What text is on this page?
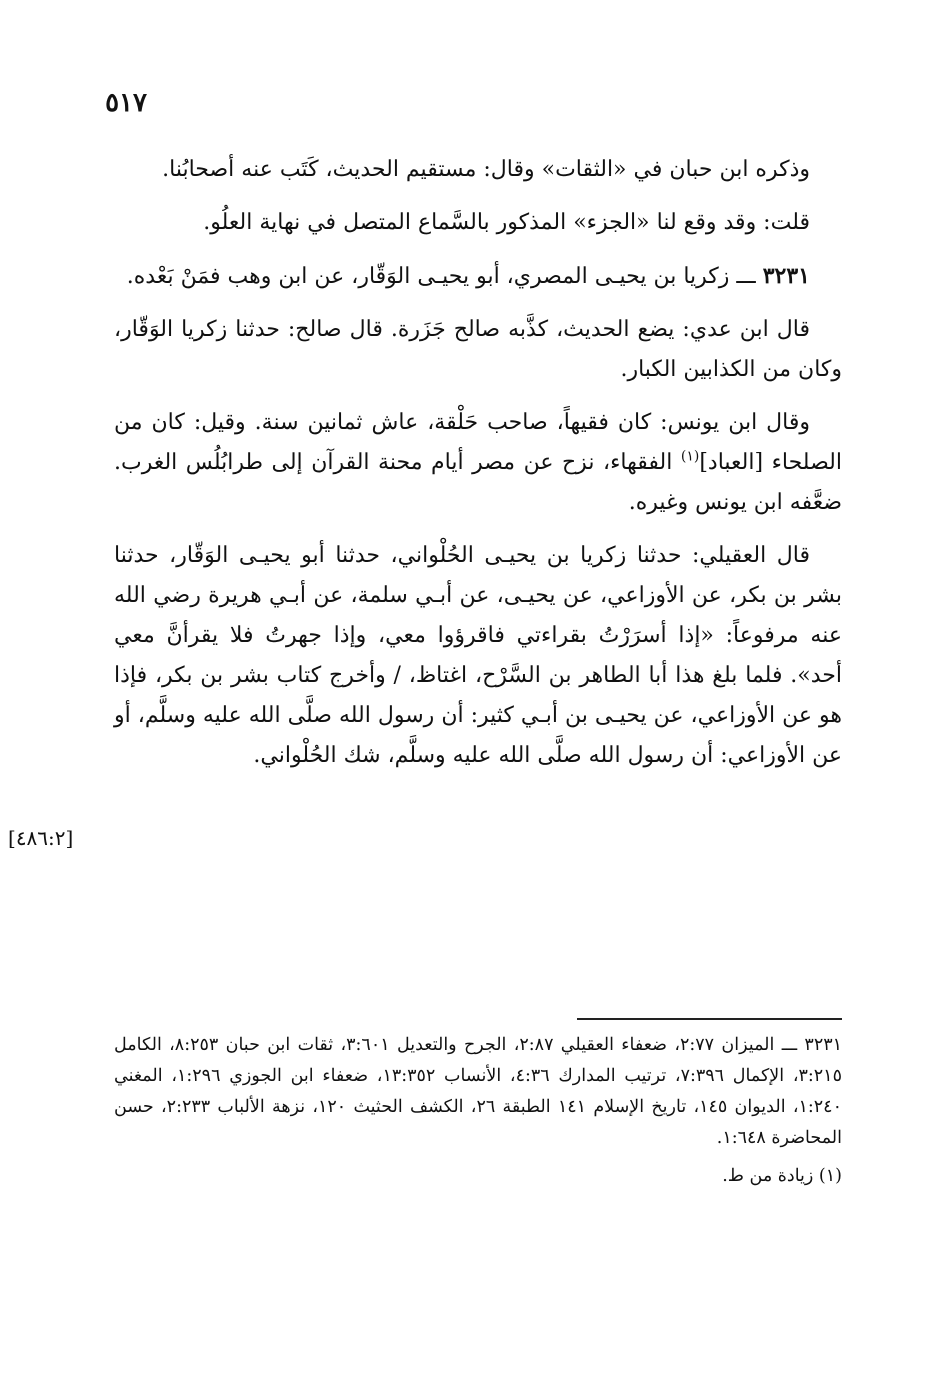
٥١٧

وذكره ابن حبان في «الثقات» وقال: مستقيم الحديث، كَتَب عنه أصحابُنا.

قلت: وقد وقع لنا «الجزء» المذكور بالسَّماع المتصل في نهاية العلُو.

٣٢٣١ ـــ زكريا بن يحيـى المصري، أبو يحيـى الوَقّار، عن ابن وهب فمَنْ بَعْده.

قال ابن عدي: يضع الحديث، كذَّبه صالح جَزَرة. قال صالح: حدثنا زكريا الوَقّار، وكان من الكذابين الكبار.

وقال ابن يونس: كان فقيهاً، صاحب حَلْقة، عاش ثمانين سنة. وقيل: كان من الصلحاء [العباد]$^{(١)}$ الفقهاء، نزح عن مصر أيام محنة القرآن إلى طرابُلُس الغرب. ضعَّفه ابن يونس وغيره.

قال العقيلي: حدثنا زكريا بن يحيـى الحُلْواني، حدثنا أبو يحيـى الوَقّار، حدثنا بشر بن بكر، عن الأوزاعي، عن يحيـى، عن أبـي سلمة، عن أبـي هريرة رضي الله عنه مرفوعاً: «إذا أسرَرْتُ بقراءتي فاقرؤوا معي، وإذا جهرتُ فلا يقرأنَّ معي أحد». فلما بلغ هذا أبا الطاهر بن السَّرْح، اغتاظ، / وأخرج كتاب بشر بن بكر، فإذا هو عن الأوزاعي، عن يحيـى بن أبـي كثير: أن رسول الله صلَّى الله عليه وسلَّم، أو عن الأوزاعي: أن رسول الله صلَّى الله عليه وسلَّم، شك الحُلْواني.

[٤٨٦:٢]

٣٢٣١ ـــ الميزان ٢:٧٧، ضعفاء العقيلي ٢:٨٧، الجرح والتعديل ٣:٦٠١، ثقات ابن حبان ٨:٢٥٣، الكامل ٣:٢١٥، الإكمال ٧:٣٩٦، ترتيب المدارك ٤:٣٦، الأنساب ١٣:٣٥٢، ضعفاء ابن الجوزي ١:٢٩٦، المغني ١:٢٤٠، الديوان ١٤٥، تاريخ الإسلام ١٤١ الطبقة ٢٦، الكشف الحثيث ١٢٠، نزهة الألباب ٢:٢٣٣، حسن المحاضرة ١:٦٤٨.

(١) زيادة من ط.
